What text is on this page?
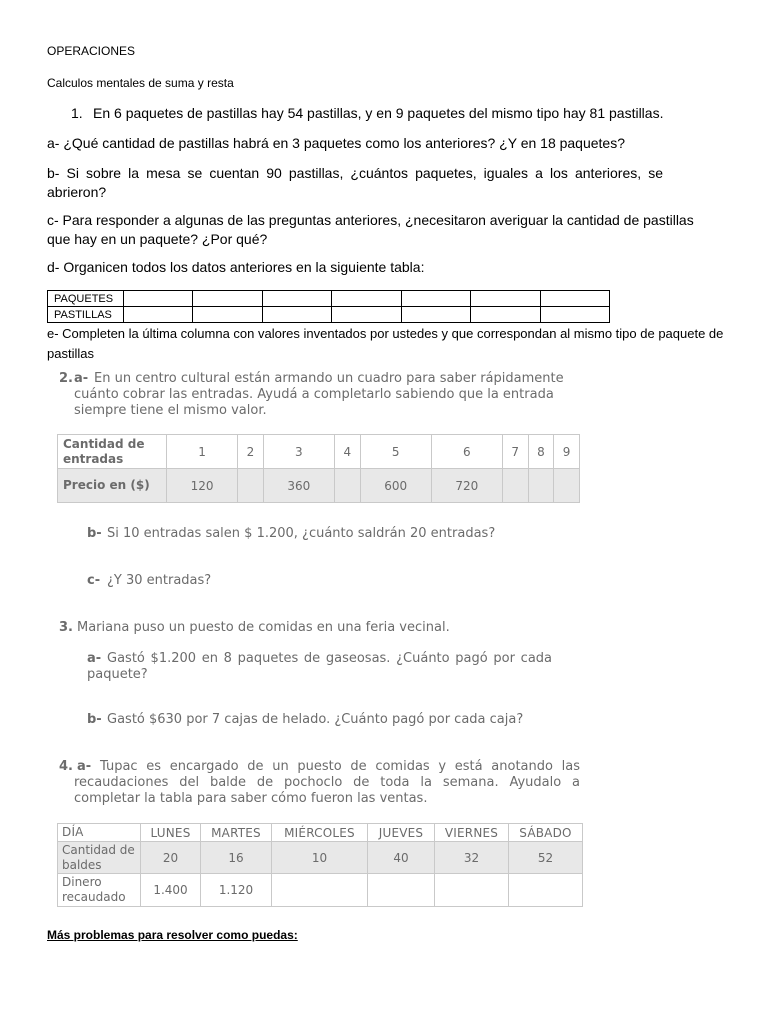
OPERACIONES
Calculos mentales de suma y resta
1. En 6 paquetes de pastillas hay 54 pastillas, y en 9 paquetes del mismo tipo hay 81 pastillas.
a- ¿Qué cantidad de pastillas habrá en 3 paquetes como los anteriores? ¿Y en 18 paquetes?
b- Si sobre la mesa se cuentan 90 pastillas, ¿cuántos paquetes, iguales a los anteriores, se abrieron?
c- Para responder a algunas de las preguntas anteriores, ¿necesitaron averiguar la cantidad de pastillas que hay en un paquete? ¿Por qué?
d- Organicen todos los datos anteriores en la siguiente tabla:
PAQUETES							
PASTILLAS							
e- Completen la última columna con valores inventados por ustedes y que correspondan al mismo tipo de paquete de pastillas
2. a- En un centro cultural están armando un cuadro para saber rápidamente cuánto cobrar las entradas. Ayudá a completarlo sabiendo que la entrada siempre tiene el mismo valor.
Cantidad de entradas	1	2	3	4	5	6	7	8	9
Precio en ($)	120		360		600	720			
b- Si 10 entradas salen $ 1.200, ¿cuánto saldrán 20 entradas?
c- ¿Y 30 entradas?
3. Mariana puso un puesto de comidas en una feria vecinal.
a- Gastó $1.200 en 8 paquetes de gaseosas. ¿Cuánto pagó por cada paquete?
b- Gastó $630 por 7 cajas de helado. ¿Cuánto pagó por cada caja?
4. a- Tupac es encargado de un puesto de comidas y está anotando las recaudaciones del balde de pochoclo de toda la semana. Ayudalo a completar la tabla para saber cómo fueron las ventas.
DÍA	LUNES	MARTES	MIÉRCOLES	JUEVES	VIERNES	SÁBADO
Cantidad de baldes	20	16	10	40	32	52
Dinero recaudado	1.400	1.120				
Más problemas para resolver como puedas:
